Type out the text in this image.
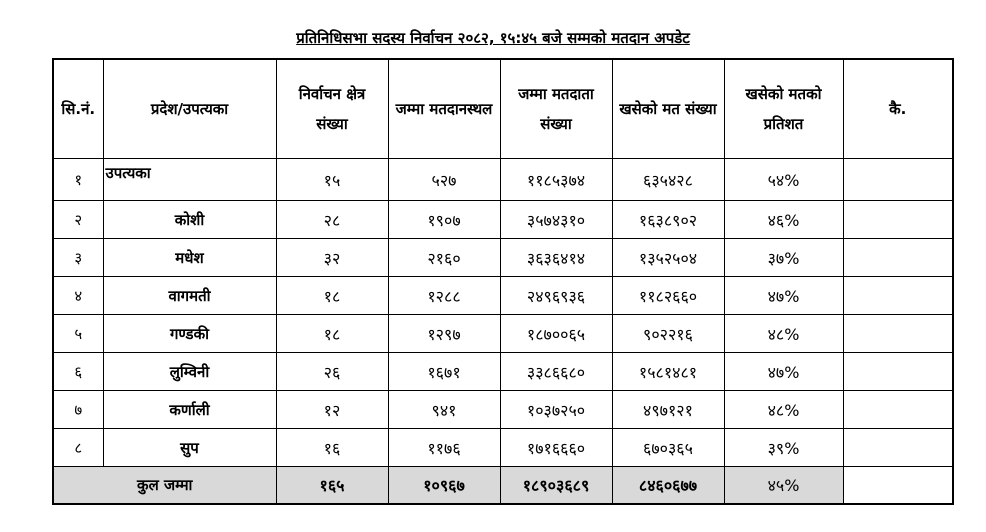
प्रतिनिधिसभा सदस्य निर्वाचन २०८२, १५:४५ बजे सम्मको मतदान अपडेट
सि.नं.	प्रदेश/उपत्यका	निर्वाचन क्षेत्र संख्या	जम्मा मतदानस्थल	जम्मा मतदाता संख्या	खसेको मत संख्या	खसेको मतको प्रतिशत	कै.
१	उपत्यका	१५	५२७	११८५३७४	६३५४२८	५४%	
२	कोशी	२८	१९०७	३५७४३१०	१६३८९०२	४६%	
३	मधेश	३२	२१६०	३६३६४१४	१३५२५०४	३७%	
४	वागमती	१८	१२८८	२४९६९३६	११८२६६०	४७%	
५	गण्डकी	१८	१२९७	१८७००६५	९०२२१६	४८%	
६	लुम्विनी	२६	१६७१	३३८६६८०	१५८१४८१	४७%	
७	कर्णाली	१२	९४१	१०३७२५०	४९७१२१	४८%	
८	सुप	१६	११७६	१७१६६६०	६७०३६५	३९%	
कुल जम्मा		१६५	१०९६७	१८९०३६८९	८४६०६७७	४५%	
